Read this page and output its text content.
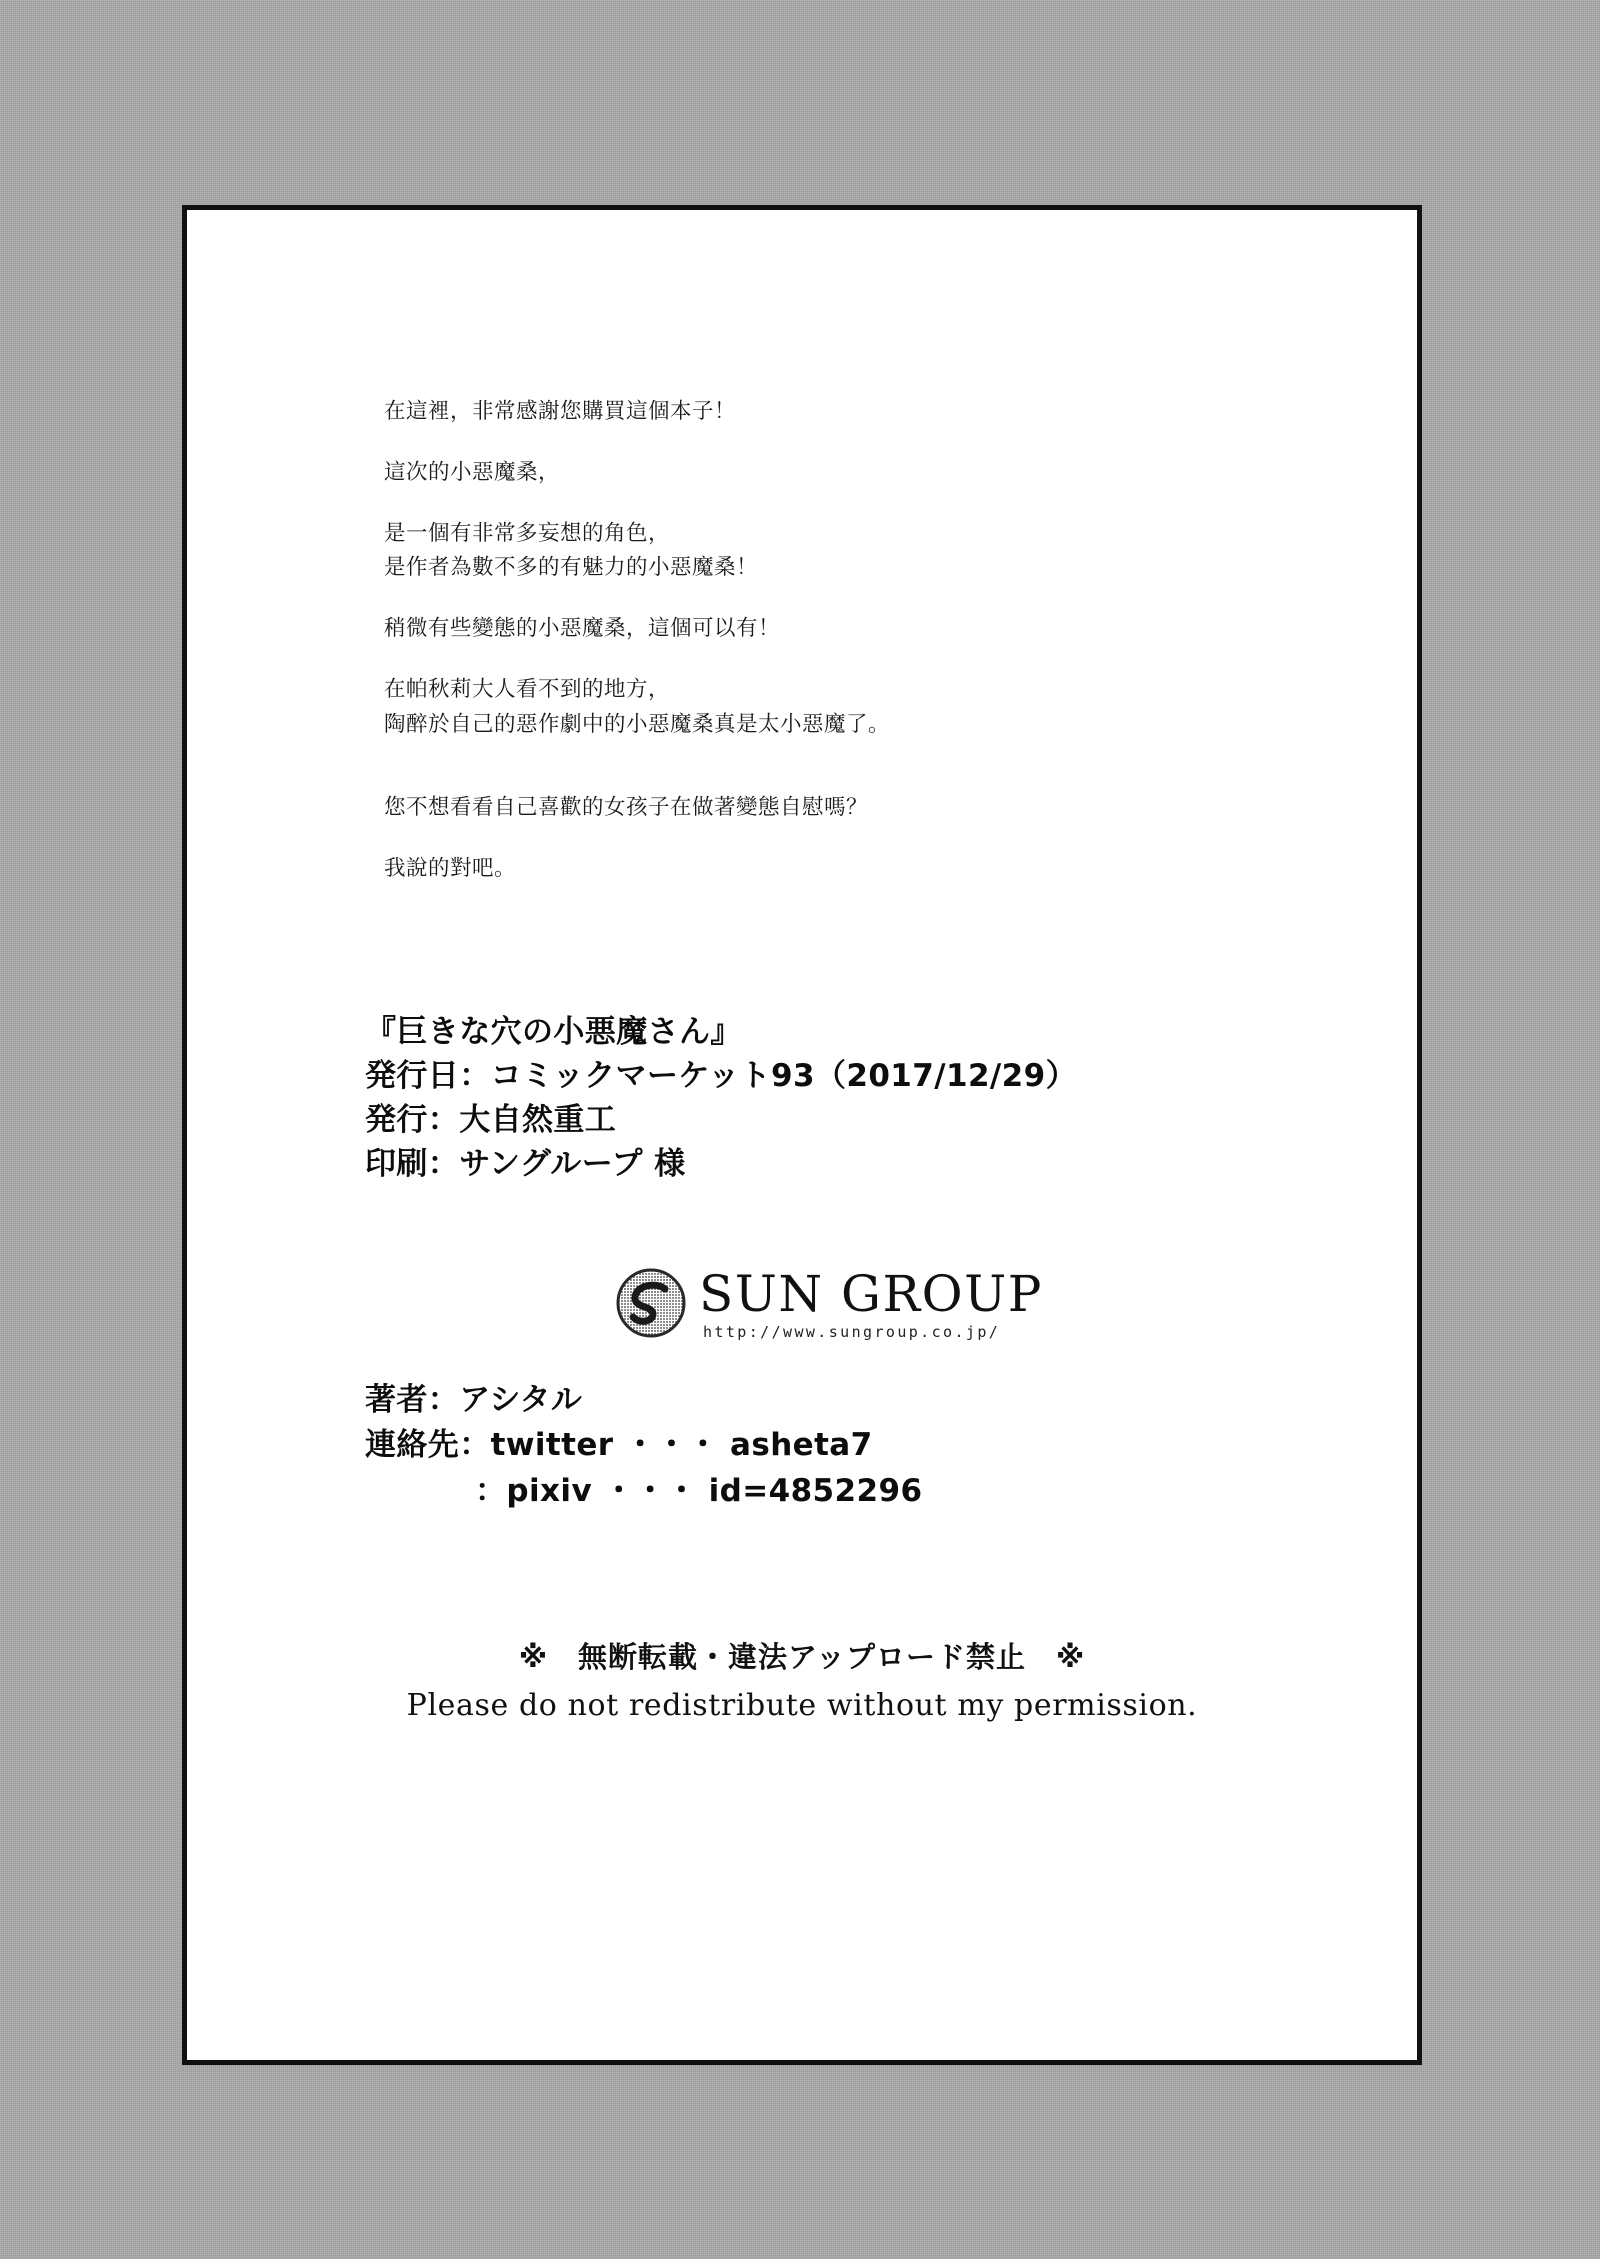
在這裡，非常感謝您購買這個本子！
這次的小惡魔桑，
是一個有非常多妄想的角色，
是作者為數不多的有魅力的小惡魔桑！
稍微有些變態的小惡魔桑，這個可以有！
在帕秋莉大人看不到的地方，
陶醉於自己的惡作劇中的小惡魔桑真是太小惡魔了。
您不想看看自己喜歡的女孩子在做著變態自慰嗎？
我說的對吧。
『巨きな穴の小悪魔さん』
発行日：コミックマーケット93（2017/12/29）
発行：大自然重工
印刷：サングループ 様
SUN GROUP
http://www.sungroup.co.jp/
著者：アシタル
連絡先：twitter ・・・ asheta7
：pixiv ・・・ id=4852296
※　無断転載・違法アップロード禁止　※
Please do not redistribute without my permission.
